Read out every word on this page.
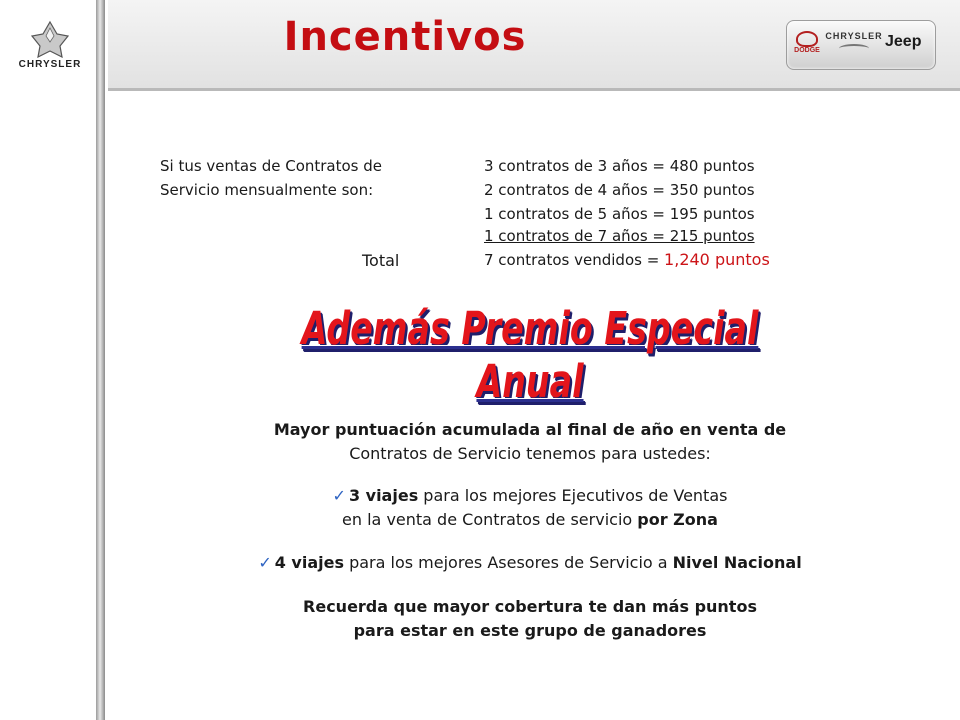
CHRYSLER
Incentivos	DODGE
CHRYSLER Jeep
Si tus ventas de Contratos de
Servicio mensualmente son:
3 contratos de 3 años = 480 puntos
2 contratos de 4 años = 350 puntos
1 contratos de 5 años = 195 puntos
1 contratos de 7 años = 215 puntos
Total	7 contratos vendidos = 1,240 puntos
Además Premio Especial Anual
Mayor puntuación acumulada al final de año en venta de
Contratos de Servicio tenemos para ustedes:
✓ 3 viajes para los mejores Ejecutivos de Ventas
en la venta de Contratos de servicio por Zona
✓ 4 viajes para los mejores Asesores de Servicio a Nivel Nacional
Recuerda que mayor cobertura te dan más puntos
para estar en este grupo de ganadores
